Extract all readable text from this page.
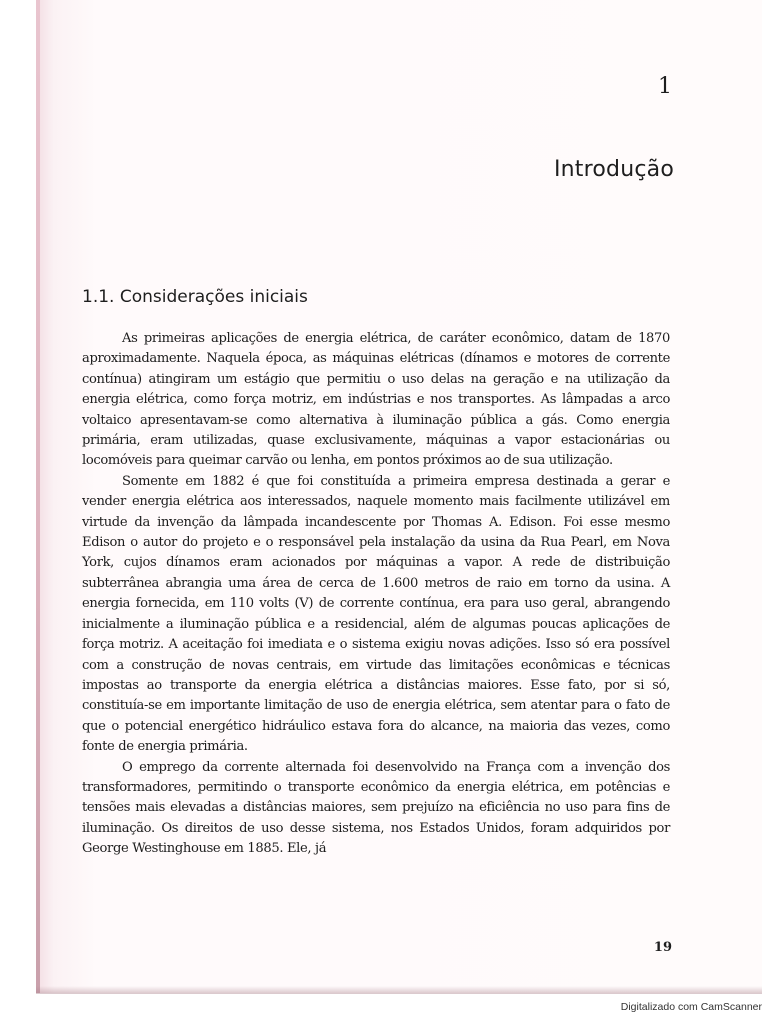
1
Introdução
1.1. Considerações iniciais

As primeiras aplicações de energia elétrica, de caráter econômico, datam de 1870 aproximadamente. Naquela época, as máquinas elétricas (dínamos e motores de corrente contínua) atingiram um estágio que permitiu o uso delas na geração e na utilização da energia elétrica, como força motriz, em indústrias e nos transportes. As lâmpadas a arco voltaico apresentavam-se como alternativa à iluminação pública a gás. Como energia primária, eram utilizadas, quase exclusivamente, máquinas a vapor estacionárias ou locomóveis para queimar carvão ou lenha, em pontos próximos ao de sua utilização.

Somente em 1882 é que foi constituída a primeira empresa destinada a gerar e vender energia elétrica aos interessados, naquele momento mais facilmente utilizável em virtude da invenção da lâmpada incandescente por Thomas A. Edison. Foi esse mesmo Edison o autor do projeto e o responsável pela instalação da usina da Rua Pearl, em Nova York, cujos dínamos eram acionados por máquinas a vapor. A rede de distribuição subterrânea abrangia uma área de cerca de 1.600 metros de raio em torno da usina. A energia fornecida, em 110 volts (V) de corrente contínua, era para uso geral, abrangendo inicialmente a iluminação pública e a residencial, além de algumas poucas aplicações de força motriz. A aceitação foi imediata e o sistema exigiu novas adições. Isso só era possível com a construção de novas centrais, em virtude das limitações econômicas e técnicas impostas ao transporte da energia elétrica a distâncias maiores. Esse fato, por si só, constituía-se em importante limitação de uso de energia elétrica, sem atentar para o fato de que o potencial energético hidráulico estava fora do alcance, na maioria das vezes, como fonte de energia primária.

O emprego da corrente alternada foi desenvolvido na França com a invenção dos transformadores, permitindo o transporte econômico da energia elétrica, em potências e tensões mais elevadas a distâncias maiores, sem prejuízo na eficiência no uso para fins de iluminação. Os direitos de uso desse sistema, nos Estados Unidos, foram adquiridos por George Westinghouse em 1885. Ele, já

19
Digitalizado com CamScanner
